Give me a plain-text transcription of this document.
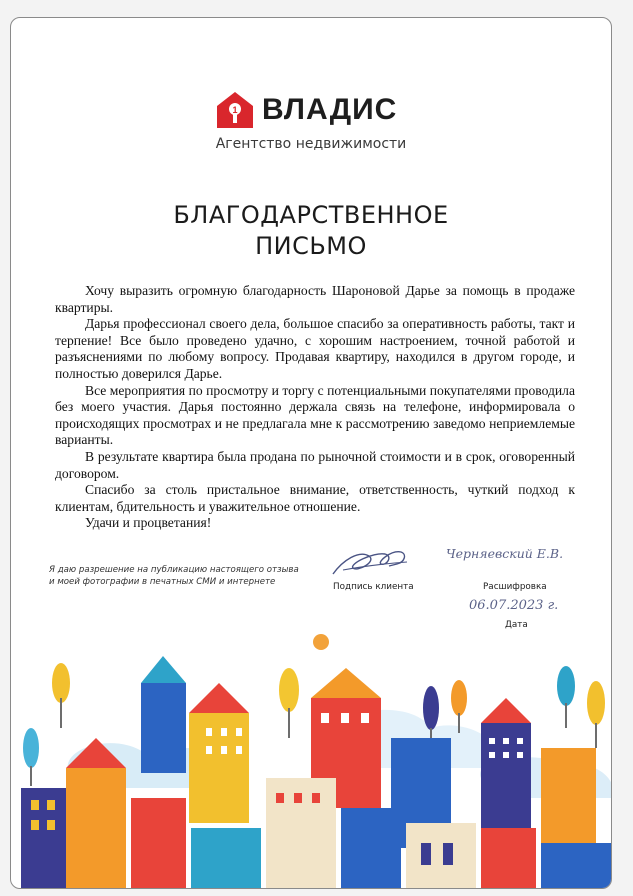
1 ВЛАДИС
Агентство недвижимости
БЛАГОДАРСТВЕННОЕ
ПИСЬМО

Хочу выразить огромную благодарность Шароновой Дарье за помощь в продаже квартиры.

Дарья профессионал своего дела, большое спасибо за оперативность работы, такт и терпение! Все было проведено удачно, с хорошим настроением, точной работой и разъяснениями по любому вопросу. Продавая квартиру, находился в другом городе, и полностью доверился Дарье.

Все мероприятия по просмотру и торгу с потенциальными покупателями проводила без моего участия. Дарья постоянно держала связь на телефоне, информировала о происходящих просмотрах и не предлагала мне к рассмотрению заведомо неприемлемые варианты.

В результате квартира была продана по рыночной стоимости и в срок, оговоренный договором.

Спасибо за столь пристальное внимание, ответственность, чуткий подход к клиентам, бдительность и уважительное отношение.

Удачи и процветания!

Я даю разрешение на публикацию настоящего отзыва
и моей фотографии в печатных СМИ и интернете	Подпись клиента
Черняевский Е.В.
Расшифровка
06.07.2023 г.
Дата
